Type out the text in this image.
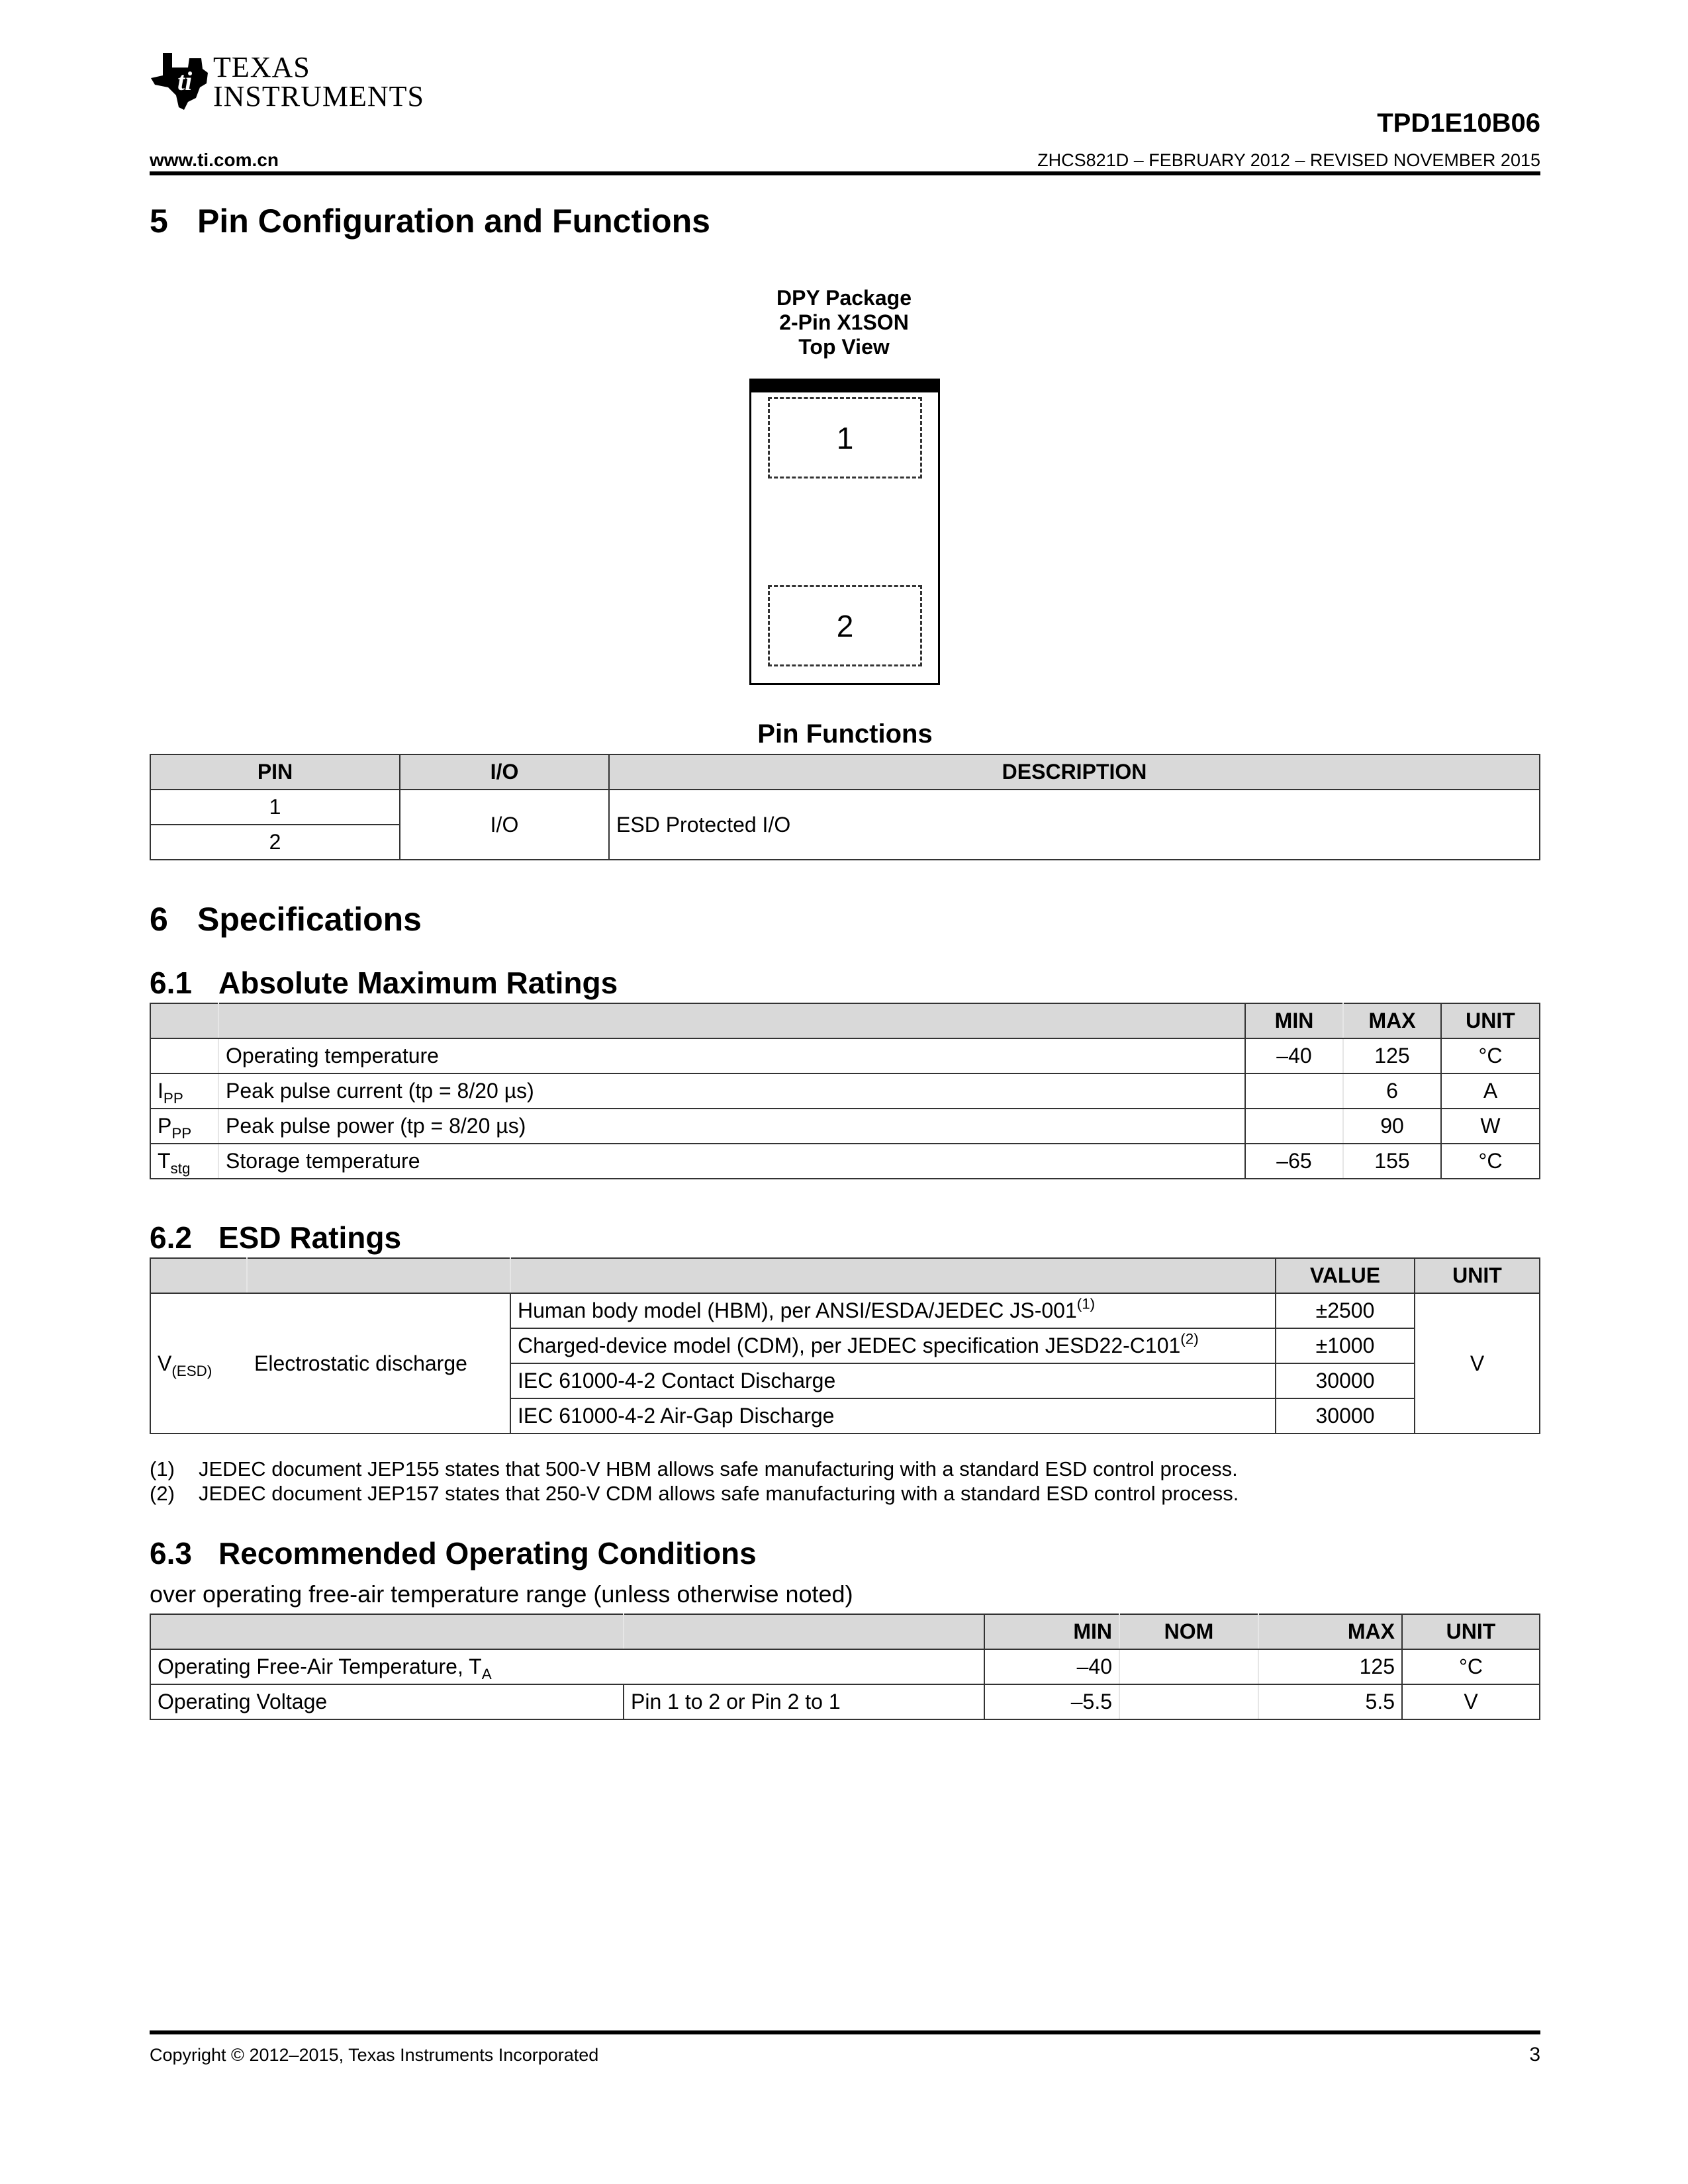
ti TEXAS
INSTRUMENTS
TPD1E10B06
www.ti.com.cn	ZHCS821D – FEBRUARY 2012 – REVISED NOVEMBER 2015
5 Pin Configuration and Functions
DPY Package
2-Pin X1SON
Top View
1
2
Pin Functions
PIN	I/O	DESCRIPTION
1	I/O	ESD Protected I/O
2		
6 Specifications
6.1 Absolute Maximum Ratings
		MIN	MAX	UNIT
	Operating temperature	–40	125	°C
$I_{PP}$	Peak pulse current (tp = 8/20 µs)		6	A
$P_{PP}$	Peak pulse power (tp = 8/20 µs)		90	W
$T_{stg}$	Storage temperature	–65	155	°C
6.2 ESD Ratings
			VALUE	UNIT
$V_{(ESD)}$	Electrostatic discharge	Human body model (HBM), per ANSI/ESDA/JEDEC $JS-001^{(1)}$	±2500	V
		Charged-device model (CDM), per JEDEC specification $JESD22-C101^{(2)}$	±1000	
		IEC 61000-4-2 Contact Discharge	30000	
		IEC 61000-4-2 Air-Gap Discharge	30000	
(1) JEDEC document JEP155 states that 500-V HBM allows safe manufacturing with a standard ESD control process.
(2) JEDEC document JEP157 states that 250-V CDM allows safe manufacturing with a standard ESD control process.
6.3 Recommended Operating Conditions
over operating free-air temperature range (unless otherwise noted)
		MIN	NOM	MAX	UNIT
Operating Free-Air Temperature, $T_A$		–40		125	°C
Operating Voltage	Pin 1 to 2 or Pin 2 to 1	–5.5		5.5	V
Copyright © 2012–2015, Texas Instruments Incorporated	3
